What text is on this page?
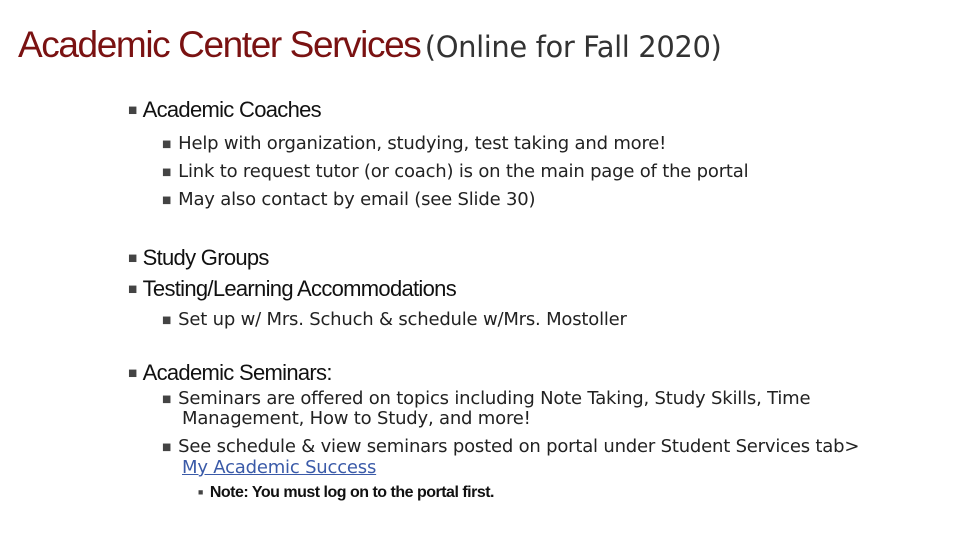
Academic Center Services (Online for Fall 2020)
■ Academic Coaches
■ Help with organization, studying, test taking and more!
■ Link to request tutor (or coach) is on the main page of the portal
■ May also contact by email (see Slide 30)
■ Study Groups
■ Testing/Learning Accommodations
■ Set up w/ Mrs. Schuch & schedule w/Mrs. Mostoller
■ Academic Seminars:
■ Seminars are offered on topics including Note Taking, Study Skills, Time
Management, How to Study, and more!
■ See schedule & view seminars posted on portal under Student Services tab>
My Academic Success
■ Note: You must log on to the portal first.
